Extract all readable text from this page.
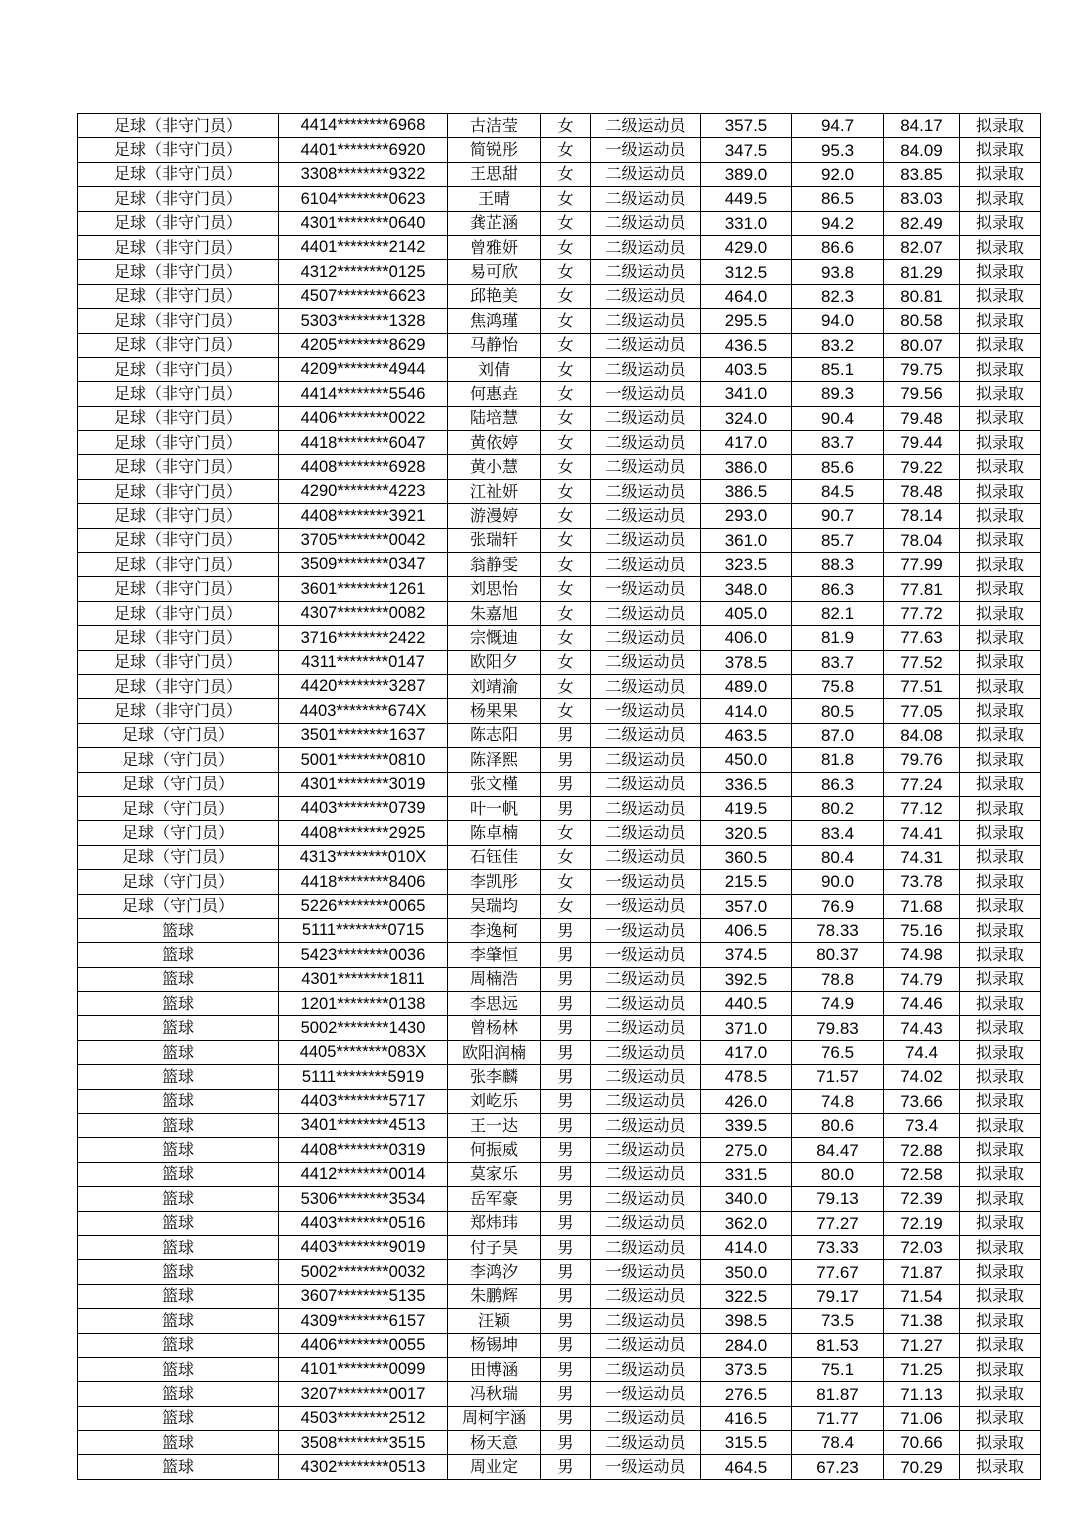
足球（非守门员）	4414********6968	古洁莹	女	二级运动员	357.5	94.7	84.17	拟录取
足球（非守门员）	4401********6920	简锐彤	女	一级运动员	347.5	95.3	84.09	拟录取
足球（非守门员）	3308********9322	王思甜	女	二级运动员	389.0	92.0	83.85	拟录取
足球（非守门员）	6104********0623	王晴	女	二级运动员	449.5	86.5	83.03	拟录取
足球（非守门员）	4301********0640	龚芷涵	女	二级运动员	331.0	94.2	82.49	拟录取
足球（非守门员）	4401********2142	曾雅妍	女	二级运动员	429.0	86.6	82.07	拟录取
足球（非守门员）	4312********0125	易可欣	女	二级运动员	312.5	93.8	81.29	拟录取
足球（非守门员）	4507********6623	邱艳美	女	二级运动员	464.0	82.3	80.81	拟录取
足球（非守门员）	5303********1328	焦鸿瑾	女	二级运动员	295.5	94.0	80.58	拟录取
足球（非守门员）	4205********8629	马静怡	女	二级运动员	436.5	83.2	80.07	拟录取
足球（非守门员）	4209********4944	刘倩	女	二级运动员	403.5	85.1	79.75	拟录取
足球（非守门员）	4414********5546	何惠垚	女	一级运动员	341.0	89.3	79.56	拟录取
足球（非守门员）	4406********0022	陆培慧	女	二级运动员	324.0	90.4	79.48	拟录取
足球（非守门员）	4418********6047	黄依婷	女	二级运动员	417.0	83.7	79.44	拟录取
足球（非守门员）	4408********6928	黄小慧	女	二级运动员	386.0	85.6	79.22	拟录取
足球（非守门员）	4290********4223	江祉妍	女	二级运动员	386.5	84.5	78.48	拟录取
足球（非守门员）	4408********3921	游漫婷	女	二级运动员	293.0	90.7	78.14	拟录取
足球（非守门员）	3705********0042	张瑞轩	女	二级运动员	361.0	85.7	78.04	拟录取
足球（非守门员）	3509********0347	翁静雯	女	二级运动员	323.5	88.3	77.99	拟录取
足球（非守门员）	3601********1261	刘思怡	女	一级运动员	348.0	86.3	77.81	拟录取
足球（非守门员）	4307********0082	朱嘉旭	女	二级运动员	405.0	82.1	77.72	拟录取
足球（非守门员）	3716********2422	宗慨迪	女	二级运动员	406.0	81.9	77.63	拟录取
足球（非守门员）	4311********0147	欧阳夕	女	二级运动员	378.5	83.7	77.52	拟录取
足球（非守门员）	4420********3287	刘靖渝	女	二级运动员	489.0	75.8	77.51	拟录取
足球（非守门员）	4403********674X	杨果果	女	一级运动员	414.0	80.5	77.05	拟录取
足球（守门员）	3501********1637	陈志阳	男	二级运动员	463.5	87.0	84.08	拟录取
足球（守门员）	5001********0810	陈泽熙	男	二级运动员	450.0	81.8	79.76	拟录取
足球（守门员）	4301********3019	张文槿	男	二级运动员	336.5	86.3	77.24	拟录取
足球（守门员）	4403********0739	叶一帆	男	二级运动员	419.5	80.2	77.12	拟录取
足球（守门员）	4408********2925	陈卓楠	女	二级运动员	320.5	83.4	74.41	拟录取
足球（守门员）	4313********010X	石钰佳	女	二级运动员	360.5	80.4	74.31	拟录取
足球（守门员）	4418********8406	李凯彤	女	一级运动员	215.5	90.0	73.78	拟录取
足球（守门员）	5226********0065	吴瑞均	女	一级运动员	357.0	76.9	71.68	拟录取
篮球	5111********0715	李逸柯	男	一级运动员	406.5	78.33	75.16	拟录取
篮球	5423********0036	李肇恒	男	一级运动员	374.5	80.37	74.98	拟录取
篮球	4301********1811	周楠浩	男	二级运动员	392.5	78.8	74.79	拟录取
篮球	1201********0138	李思远	男	二级运动员	440.5	74.9	74.46	拟录取
篮球	5002********1430	曾杨林	男	二级运动员	371.0	79.83	74.43	拟录取
篮球	4405********083X	欧阳润楠	男	二级运动员	417.0	76.5	74.4	拟录取
篮球	5111********5919	张李麟	男	二级运动员	478.5	71.57	74.02	拟录取
篮球	4403********5717	刘屹乐	男	二级运动员	426.0	74.8	73.66	拟录取
篮球	3401********4513	王一达	男	二级运动员	339.5	80.6	73.4	拟录取
篮球	4408********0319	何振威	男	二级运动员	275.0	84.47	72.88	拟录取
篮球	4412********0014	莫家乐	男	二级运动员	331.5	80.0	72.58	拟录取
篮球	5306********3534	岳军豪	男	二级运动员	340.0	79.13	72.39	拟录取
篮球	4403********0516	郑炜玮	男	二级运动员	362.0	77.27	72.19	拟录取
篮球	4403********9019	付子昊	男	二级运动员	414.0	73.33	72.03	拟录取
篮球	5002********0032	李鸿汐	男	一级运动员	350.0	77.67	71.87	拟录取
篮球	3607********5135	朱鹏辉	男	二级运动员	322.5	79.17	71.54	拟录取
篮球	4309********6157	汪颖	男	二级运动员	398.5	73.5	71.38	拟录取
篮球	4406********0055	杨锡坤	男	二级运动员	284.0	81.53	71.27	拟录取
篮球	4101********0099	田博涵	男	二级运动员	373.5	75.1	71.25	拟录取
篮球	3207********0017	冯秋瑞	男	一级运动员	276.5	81.87	71.13	拟录取
篮球	4503********2512	周柯宇涵	男	二级运动员	416.5	71.77	71.06	拟录取
篮球	3508********3515	杨天意	男	二级运动员	315.5	78.4	70.66	拟录取
篮球	4302********0513	周业定	男	一级运动员	464.5	67.23	70.29	拟录取
